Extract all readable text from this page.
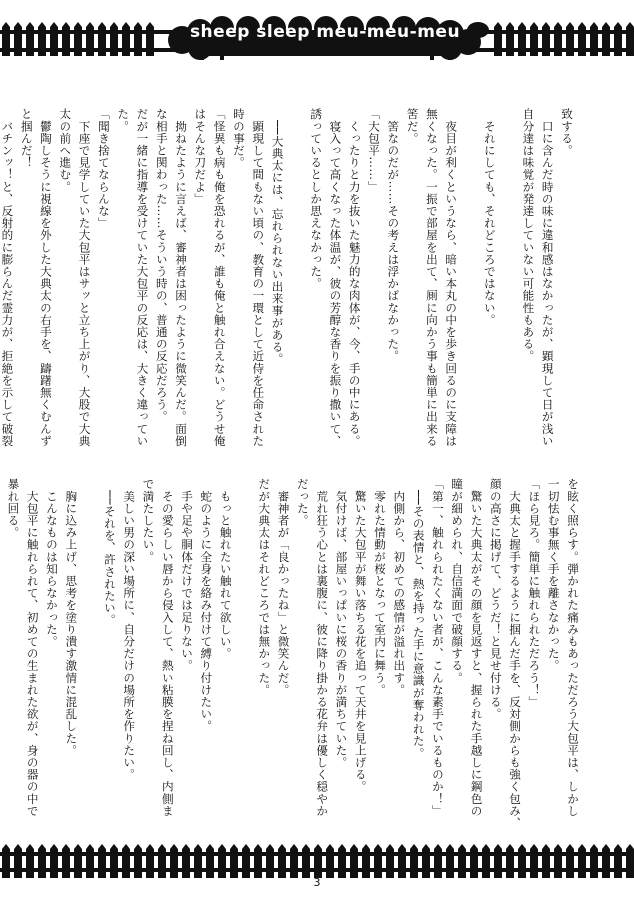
sheep sleep meu-meu-meu
致する。
　口に含んだ時の味に違和感はなかったが、顕現して日が浅い
自分達は味覚が発達していない可能性もある。

　それにしても、それどころではない。

　夜目が利くというなら、暗い本丸の中を歩き回るのに支障は
無くなった。一振で部屋を出て、厠に向かう事も簡単に出来る
筈だ。
　筈なのだが……その考えは浮かばなかった。
「大包平……」
　くったりと力を抜いた魅力的な肉体が、今、手の中にある。
　寝入って高くなった体温が、彼の芳醇な香りを振り撒いて、
誘っているとしか思えなかった。

　──大典太には、忘れられない出来事がある。
　顕現して間もない頃の、教育の一環として近侍を任命された
時の事だ。
「怪異も病も俺を恐れるが、誰も俺と触れ合えない。どうせ俺
はそんな刀だよ」
　拗ねたように言えば、審神者は困ったように微笑んだ。面倒
な相手と関わった……そういう時の、普通の反応だろう。
だが一緒に指導を受けていた大包平の反応は、大きく違ってい
た。
「聞き捨てならんな」
　下座で見学していた大包平はサッと立ち上がり、大股で大典
太の前へ進む。
　鬱陶しそうに視線を外した大典太の右手を、躊躇無くむんず
と掴んだ！
　バチンッ！と、反射的に膨らんだ霊力が、拒絶を示して破裂
を眩く照らす。弾かれた痛みもあっただろう大包平は、しかし
一切怯む事無く手を離さなかった。
「ほら見ろ。簡単に触れられただろう！」
　大典太と握手するように掴んだ手を、反対側からも強く包み、
顔の高さに掲げて、どうだ！と見せ付ける。
　驚いた大典太がその顔を見返すと、握られた手越しに鋼色の
瞳が細められ、自信満面で破顔する。
「第一、触れられたくない者が、こんな素手でいるものか！」
　──その表情と、熱を持った手に意識が奪われた。
　内側から、初めての感情が溢れ出す。
　零れた情動が桜となって室内に舞う。
　驚いた大包平が舞い落ちる花を追って天井を見上げる。
　気付けば、部屋いっぱいに桜の香りが満ちていた。
　荒れ狂う心とは裏腹に、彼に降り掛かる花弁は優しく穏やか
だった。
　審神者が「良かったね」と微笑んだ。
だが大典太はそれどころでは無かった。

　もっと触れたい触れて欲しい。
　蛇のように全身を絡み付けて縛り付けたい。
　手や足や胴体だけでは足りない。
　その愛らしい唇から侵入して、熱い粘膜を捏ね回し、内側ま
で満たしたい。
　美しい男の深い場所に、自分だけの場所を作りたい。
　──それを、許されたい。

　胸に込み上げ、思考を塗り潰す激情に混乱した。
　こんなものは知らなかった。
　大包平に触れられて、初めての生まれた欲が、身の器の中で
暴れ回る。
3
